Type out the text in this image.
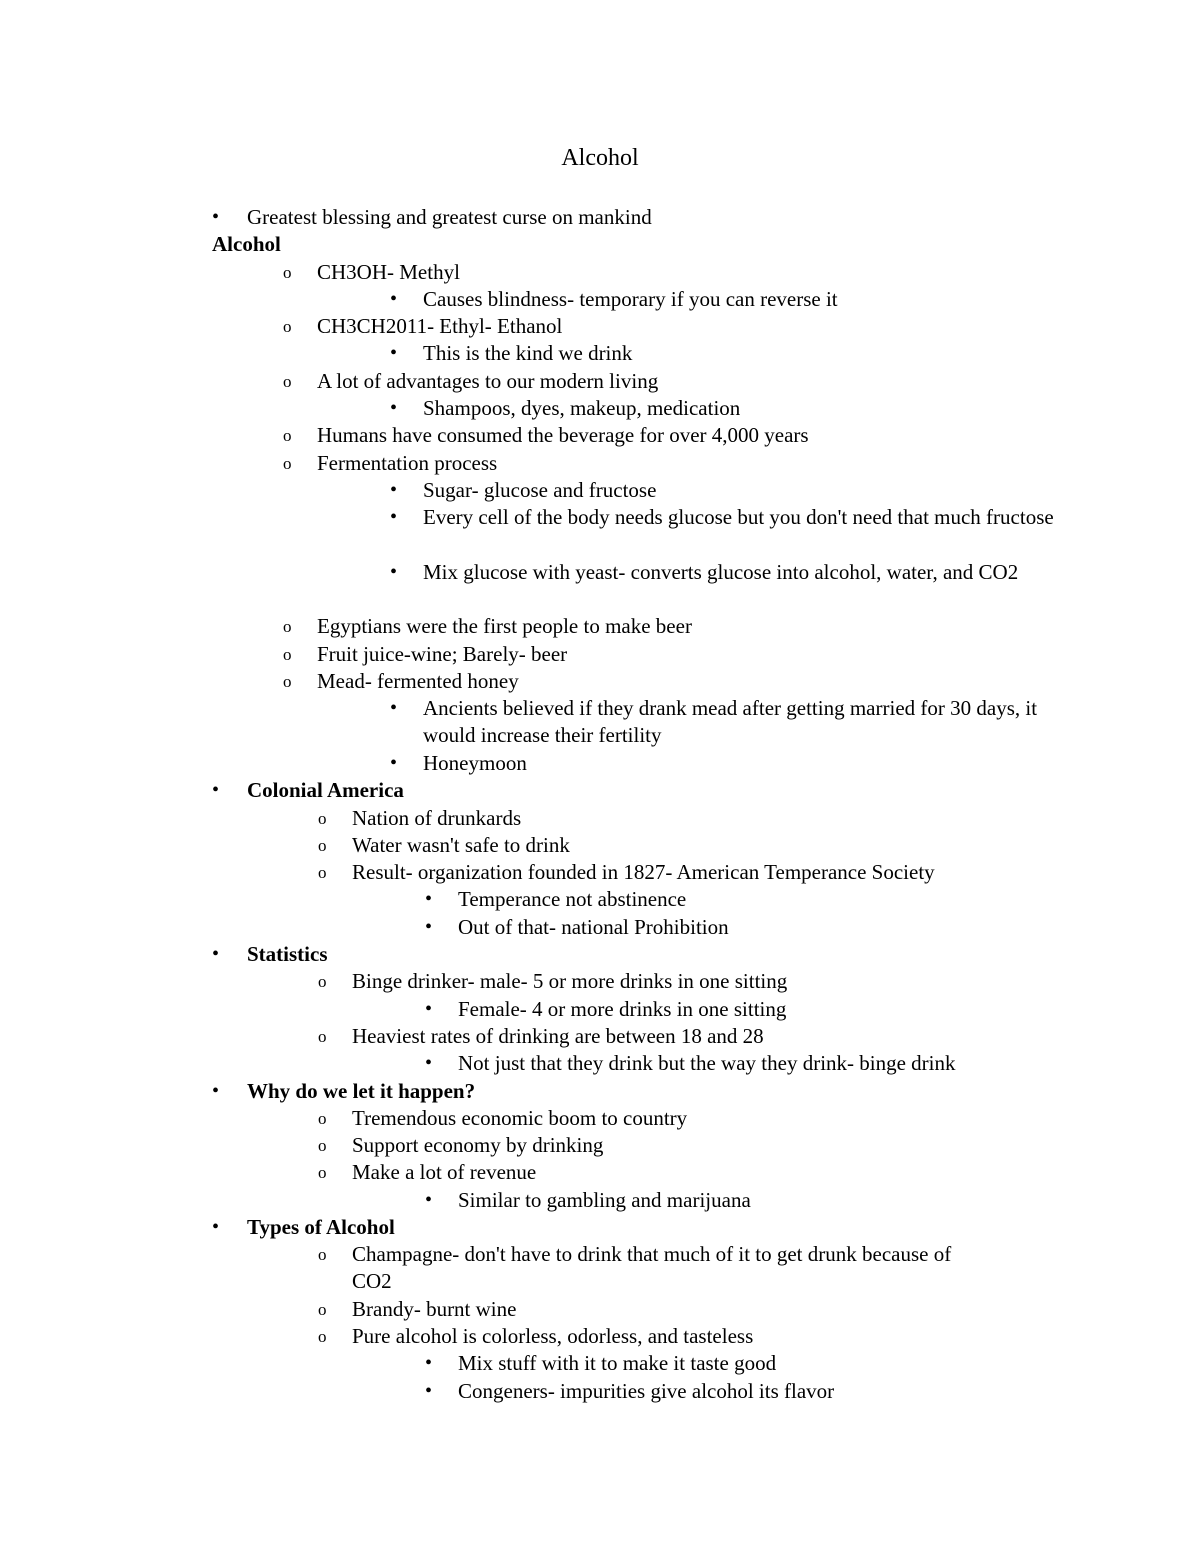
Alcohol
• Greatest blessing and greatest curse on mankind
Alcohol
o CH3OH- Methyl
• Causes blindness- temporary if you can reverse it
o CH3CH2011- Ethyl- Ethanol
• This is the kind we drink
o A lot of advantages to our modern living
• Shampoos, dyes, makeup, medication
o Humans have consumed the beverage for over 4,000 years
o Fermentation process
• Sugar- glucose and fructose
• Every cell of the body needs glucose but you don't need that much fructose
• Mix glucose with yeast- converts glucose into alcohol, water, and CO2
o Egyptians were the first people to make beer
o Fruit juice-wine; Barely- beer
o Mead- fermented honey
• Ancients believed if they drank mead after getting married for 30 days, it would increase their fertility
• Honeymoon
• Colonial America
o Nation of drunkards
o Water wasn't safe to drink
o Result- organization founded in 1827- American Temperance Society
• Temperance not abstinence
• Out of that- national Prohibition
• Statistics
o Binge drinker- male- 5 or more drinks in one sitting
• Female- 4 or more drinks in one sitting
o Heaviest rates of drinking are between 18 and 28
• Not just that they drink but the way they drink- binge drink
• Why do we let it happen?
o Tremendous economic boom to country
o Support economy by drinking
o Make a lot of revenue
• Similar to gambling and marijuana
• Types of Alcohol
o Champagne- don't have to drink that much of it to get drunk because of CO2
o Brandy- burnt wine
o Pure alcohol is colorless, odorless, and tasteless
• Mix stuff with it to make it taste good
• Congeners- impurities give alcohol its flavor
